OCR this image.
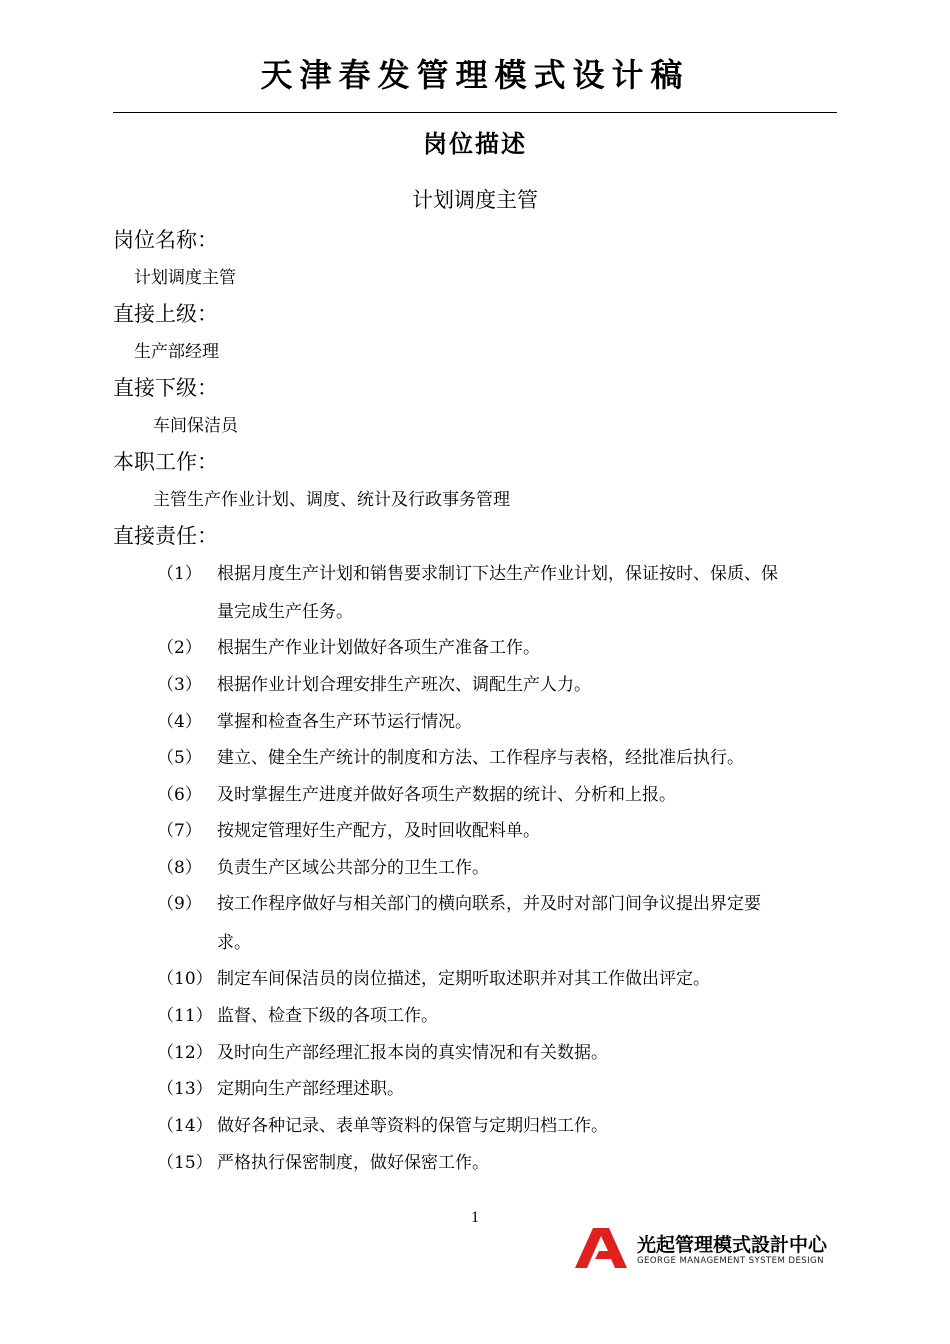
天津春发管理模式设计稿
岗位描述
计划调度主管
岗位名称：
计划调度主管
直接上级：
生产部经理
直接下级：
车间保洁员
本职工作：
主管生产作业计划、调度、统计及行政事务管理
直接责任：
（1） 根据月度生产计划和销售要求制订下达生产作业计划，保证按时、保质、保
量完成生产任务。
（2） 根据生产作业计划做好各项生产准备工作。
（3） 根据作业计划合理安排生产班次、调配生产人力。
（4） 掌握和检查各生产环节运行情况。
（5） 建立、健全生产统计的制度和方法、工作程序与表格，经批准后执行。
（6） 及时掌握生产进度并做好各项生产数据的统计、分析和上报。
（7） 按规定管理好生产配方，及时回收配料单。
（8） 负责生产区域公共部分的卫生工作。
（9） 按工作程序做好与相关部门的横向联系，并及时对部门间争议提出界定要
求。
（10） 制定车间保洁员的岗位描述，定期听取述职并对其工作做出评定。
（11） 监督、检查下级的各项工作。
（12） 及时向生产部经理汇报本岗的真实情况和有关数据。
（13） 定期向生产部经理述职。
（14） 做好各种记录、表单等资料的保管与定期归档工作。
（15） 严格执行保密制度，做好保密工作。
1
光起管理模式設計中心
GEORGE MANAGEMENT SYSTEM DESIGN
